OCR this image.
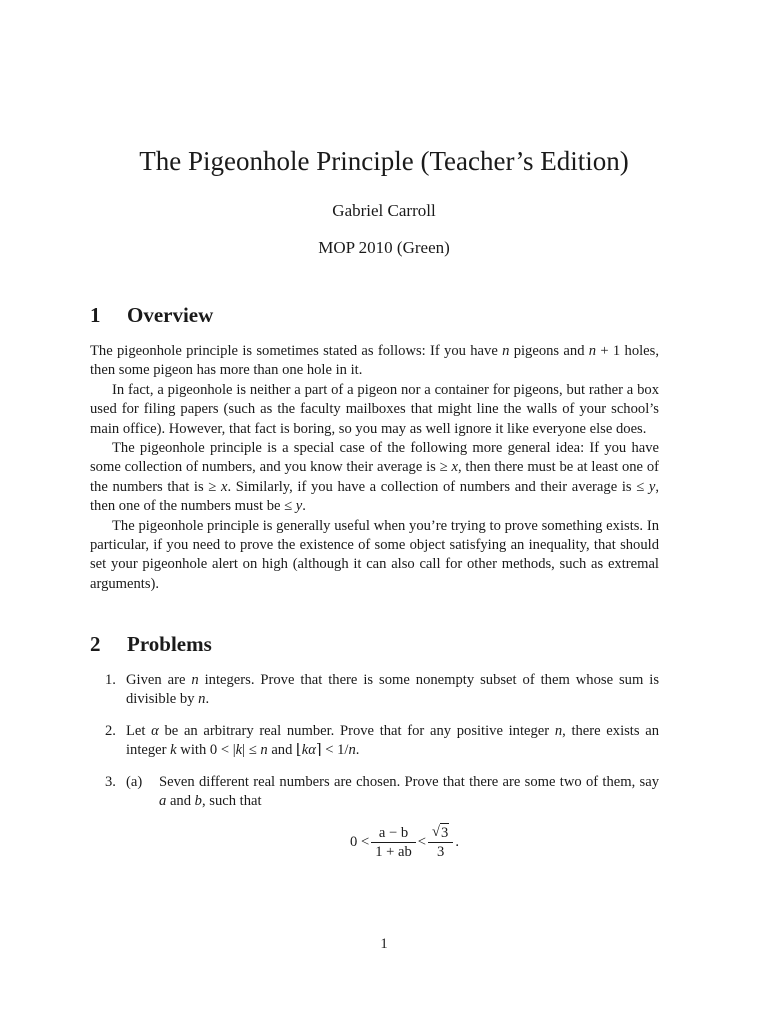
The Pigeonhole Principle (Teacher’s Edition)
Gabriel Carroll
MOP 2010 (Green)
1 Overview

The pigeonhole principle is sometimes stated as follows: If you have n pigeons and n + 1 holes, then some pigeon has more than one hole in it.

In fact, a pigeonhole is neither a part of a pigeon nor a container for pigeons, but rather a box used for filing papers (such as the faculty mailboxes that might line the walls of your school’s main office). However, that fact is boring, so you may as well ignore it like everyone else does.

The pigeonhole principle is a special case of the following more general idea: If you have some collection of numbers, and you know their average is ≥ x, then there must be at least one of the numbers that is ≥ x. Similarly, if you have a collection of numbers and their average is ≤ y, then one of the numbers must be ≤ y.

The pigeonhole principle is generally useful when you’re trying to prove something exists. In particular, if you need to prove the existence of some object satisfying an inequality, that should set your pigeonhole alert on high (although it can also call for other methods, such as extremal arguments).

2 Problems
1. Given are n integers. Prove that there is some nonempty subset of them whose sum is divisible by n.
2. Let α be an arbitrary real number. Prove that for any positive integer n, there exists an integer k with 0 < |k| ≤ n and ⌊kα⌉ < 1/n.
3. (a) Seven different real numbers are chosen. Prove that there are some two of them, say a and b, such that
$0 < \frac{a - b}{1 + ab} < \frac{√ 3}{3}$ .
1
